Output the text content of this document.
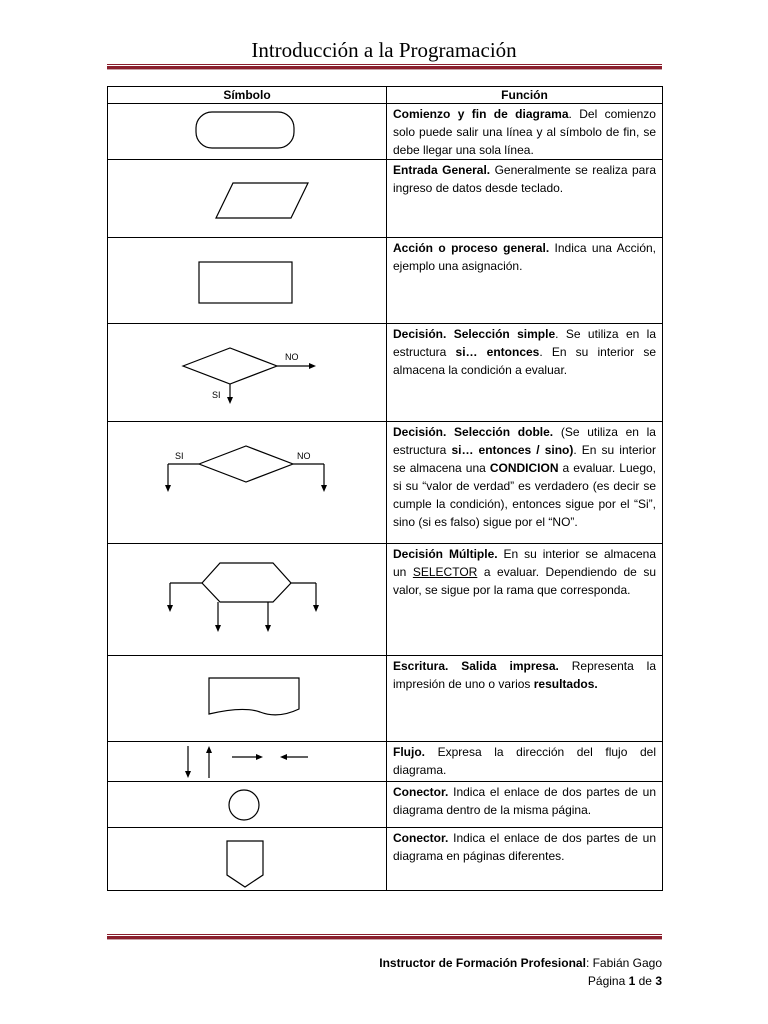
Introducción a la Programación
Símbolo	Función

	Comienzo y fin de diagrama. Del comienzo solo puede salir una línea y al símbolo de fin, se debe llegar una sola línea.

	Entrada General. Generalmente se realiza para ingreso de datos desde teclado.

	Acción o proceso general. Indica una Acción, ejemplo una asignación.

NO
SI	Decisión. Selección simple. Se utiliza en la estructura si… entonces. En su interior se almacena la condición a evaluar.

SI NO	Decisión. Selección doble. (Se utiliza en la estructura si… entonces / sino). En su interior se almacena una CONDICION a evaluar. Luego, si su “valor de verdad” es verdadero (es decir se cumple la condición), entonces sigue por el “Si”, sino (si es falso) sigue por el “NO”.

	Decisión Múltiple. En su interior se almacena un SELECTOR a evaluar. Dependiendo de su valor, se sigue por la rama que corresponda.

	Escritura. Salida impresa. Representa la impresión de uno o varios resultados.

	Flujo. Expresa la dirección del flujo del diagrama.

	Conector. Indica el enlace de dos partes de un diagrama dentro de la misma página.

	Conector. Indica el enlace de dos partes de un diagrama en páginas diferentes.
Instructor de Formación Profesional: Fabián Gago
Página 1 de 3
